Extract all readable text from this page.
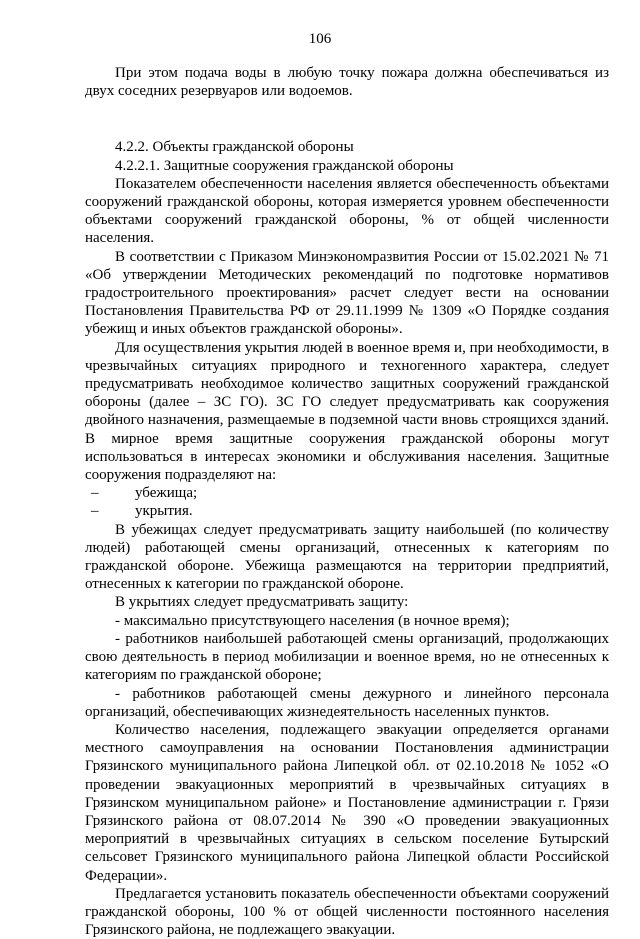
106

При этом подача воды в любую точку пожара должна обеспечиваться из двух соседних резервуаров или водоемов.

4.2.2. Объекты гражданской обороны

4.2.2.1. Защитные сооружения гражданской обороны

Показателем обеспеченности населения является обеспеченность объектами сооружений гражданской обороны, которая измеряется уровнем обеспеченности объектами сооружений гражданской обороны, % от общей численности населения.

В соответствии с Приказом Минэкономразвития России от 15.02.2021 № 71 «Об утверждении Методических рекомендаций по подготовке нормативов градостроительного проектирования» расчет следует вести на основании Постановления Правительства РФ от 29.11.1999 № 1309 «О Порядке создания убежищ и иных объектов гражданской обороны».

Для осуществления укрытия людей в военное время и, при необходимости, в чрезвычайных ситуациях природного и техногенного характера, следует предусматривать необходимое количество защитных сооружений гражданской обороны (далее – ЗС ГО). ЗС ГО следует предусматривать как сооружения двойного назначения, размещаемые в подземной части вновь строящихся зданий. В мирное время защитные сооружения гражданской обороны могут использоваться в интересах экономики и обслуживания населения. Защитные сооружения подразделяют на:

–	убежища;
–	укрытия.

В убежищах следует предусматривать защиту наибольшей (по количеству людей) работающей смены организаций, отнесенных к категориям по гражданской обороне. Убежища размещаются на территории предприятий, отнесенных к категории по гражданской обороне.

В укрытиях следует предусматривать защиту:

- максимально присутствующего населения (в ночное время);

- работников наибольшей работающей смены организаций, продолжающих свою деятельность в период мобилизации и военное время, но не отнесенных к категориям по гражданской обороне;

- работников работающей смены дежурного и линейного персонала организаций, обеспечивающих жизнедеятельность населенных пунктов.

Количество населения, подлежащего эвакуации определяется органами местного самоуправления на основании Постановления администрации Грязинского муниципального района Липецкой обл. от 02.10.2018 № 1052 «О проведении эвакуационных мероприятий в чрезвычайных ситуациях в Грязинском муниципальном районе» и Постановление администрации г. Грязи Грязинского района от 08.07.2014 № 390 «О проведении эвакуационных мероприятий в чрезвычайных ситуациях в сельском поселение Бутырский сельсовет Грязинского муниципального района Липецкой области Российской Федерации».

Предлагается установить показатель обеспеченности объектами сооружений гражданской обороны, 100 % от общей численности постоянного населения Грязинского района, не подлежащего эвакуации.
